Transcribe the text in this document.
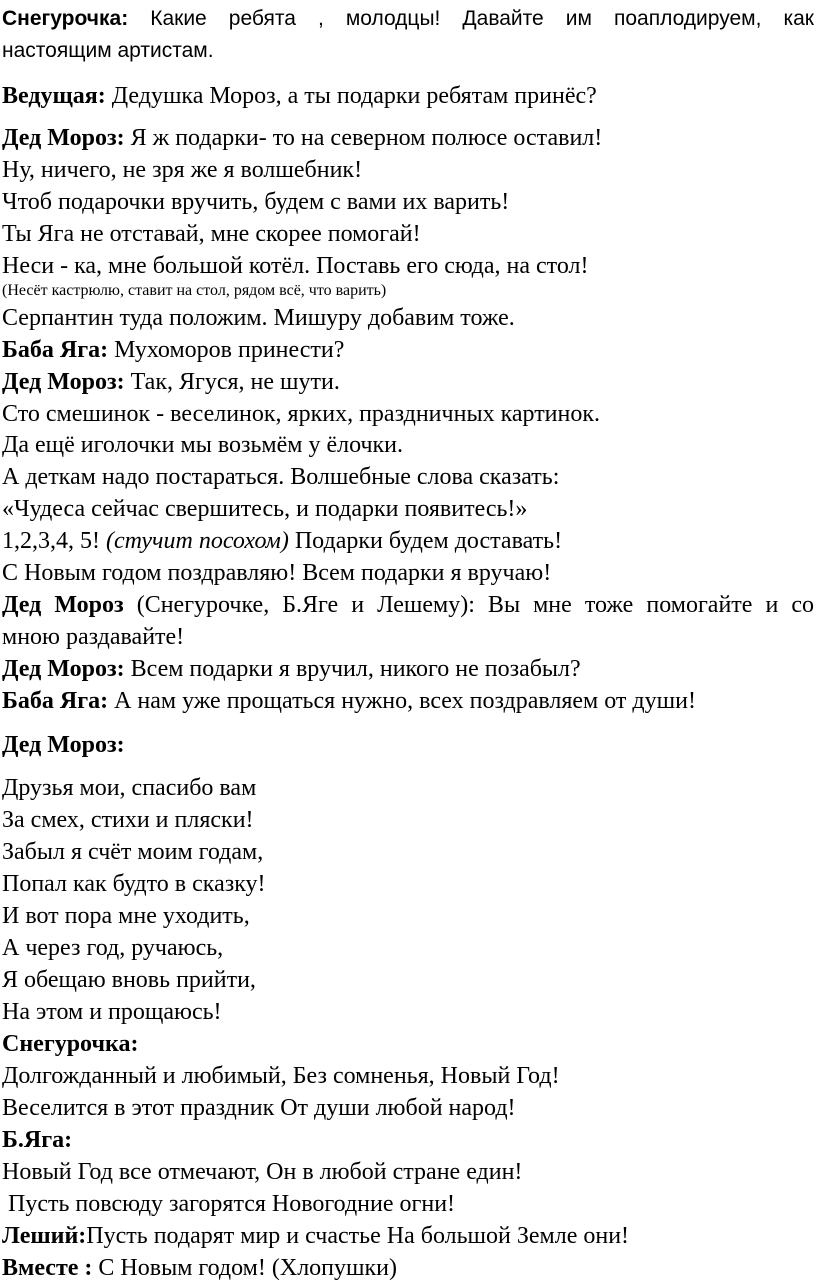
Снегурочка: Какие ребята , молодцы! Давайте им поаплодируем, как
настоящим артистам.
Ведущая: Дедушка Мороз, а ты подарки ребятам принёс?
Дед Мороз: Я ж подарки- то на северном полюсе оставил!
Ну, ничего, не зря же я волшебник!
Чтоб подарочки вручить, будем с вами их варить!
Ты Яга не отставай, мне скорее помогай!
Неси - ка, мне большой котёл. Поставь его сюда, на стол!
(Несёт кастрюлю, ставит на стол, рядом всё, что варить)
Серпантин туда положим. Мишуру добавим тоже.
Баба Яга: Мухоморов принести?
Дед Мороз: Так, Ягуся, не шути.
Сто смешинок - веселинок, ярких, праздничных картинок.
Да ещё иголочки мы возьмём у ёлочки.
А деткам надо постараться. Волшебные слова сказать:
«Чудеса сейчас свершитесь, и подарки появитесь!»
1,2,3,4, 5! (стучит посохом) Подарки будем доставать!
С Новым годом поздравляю! Всем подарки я вручаю!
Дед Мороз (Снегурочке, Б.Яге и Лешему): Вы мне тоже помогайте и со
мною раздавайте!
Дед Мороз: Всем подарки я вручил, никого не позабыл?
Баба Яга: А нам уже прощаться нужно, всех поздравляем от души!
Дед Мороз:
Друзья мои, спасибо вам
За смех, стихи и пляски!
Забыл я счёт моим годам,
Попал как будто в сказку!
И вот пора мне уходить,
А через год, ручаюсь,
Я обещаю вновь прийти,
На этом и прощаюсь!
Снегурочка:
Долгожданный и любимый, Без сомненья, Новый Год!
Веселится в этот праздник От души любой народ!
Б.Яга:
Новый Год все отмечают, Он в любой стране един!
Пусть повсюду загорятся Новогодние огни!
Леший:Пусть подарят мир и счастье На большой Земле они!
Вместе : С Новым годом! (Хлопушки)
